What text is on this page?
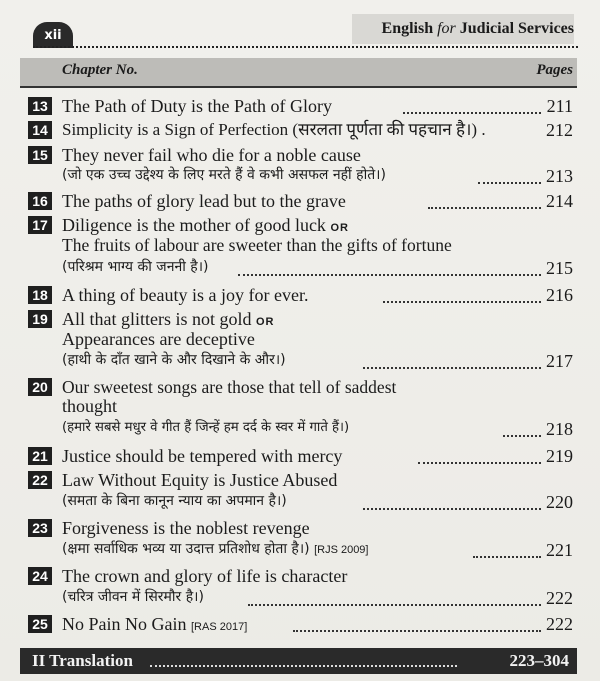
xii	English for Judicial Services
Chapter No.	Pages
13 The Path of Duty is the Path of Glory	211
14 Simplicity is a Sign of Perfection (सरलता पूर्णता की पहचान है।) .	212
15 They never fail who die for a noble cause
(जो एक उच्च उद्देश्य के लिए मरते हैं वे कभी असफल नहीं होते।)	213
16 The paths of glory lead but to the grave	214
17 Diligence is the mother of good luck OR
The fruits of labour are sweeter than the gifts of fortune
(परिश्रम भाग्य की जननी है।)	215
18 A thing of beauty is a joy for ever.	216
19 All that glitters is not gold OR
Appearances are deceptive
(हाथी के दाँत खाने के और दिखाने के और।)	217
20 Our sweetest songs are those that tell of saddest
thought
(हमारे सबसे मधुर वे गीत हैं जिन्हें हम दर्द के स्वर में गाते हैं।)	218
21 Justice should be tempered with mercy	219
22 Law Without Equity is Justice Abused
(समता के बिना कानून न्याय का अपमान है।)	220
23 Forgiveness is the noblest revenge
(क्षमा सर्वाधिक भव्य या उदात्त प्रतिशोध होता है।) [RJS 2009]	221
24 The crown and glory of life is character
(चरित्र जीवन में सिरमौर है।)	222
25 No Pain No Gain [RAS 2017]	222
II Translation	223–304
